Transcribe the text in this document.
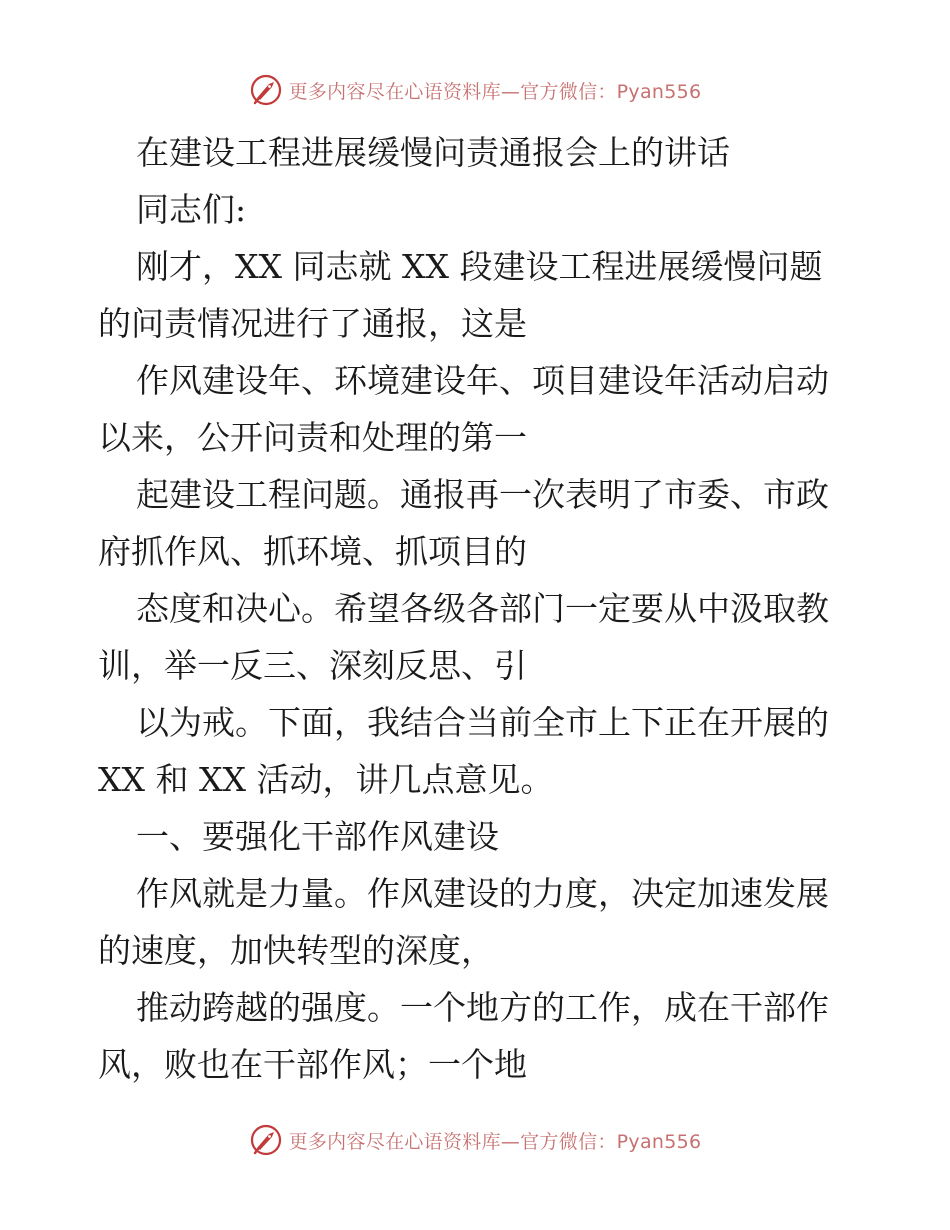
更多内容尽在心语资料库—官方微信：Pyan556
在建设工程进展缓慢问责通报会上的讲话
同志们:
刚才，XX 同志就 XX 段建设工程进展缓慢问题
的问责情况进行了通报，这是
作风建设年、环境建设年、项目建设年活动启动
以来，公开问责和处理的第一
起建设工程问题。通报再一次表明了市委、市政
府抓作风、抓环境、抓项目的
态度和决心。希望各级各部门一定要从中汲取教
训，举一反三、深刻反思、引
以为戒。下面，我结合当前全市上下正在开展的
XX 和 XX 活动，讲几点意见。
一、要强化干部作风建设
作风就是力量。作风建设的力度，决定加速发展
的速度，加快转型的深度，
推动跨越的强度。一个地方的工作，成在干部作
风，败也在干部作风；一个地
更多内容尽在心语资料库—官方微信：Pyan556
